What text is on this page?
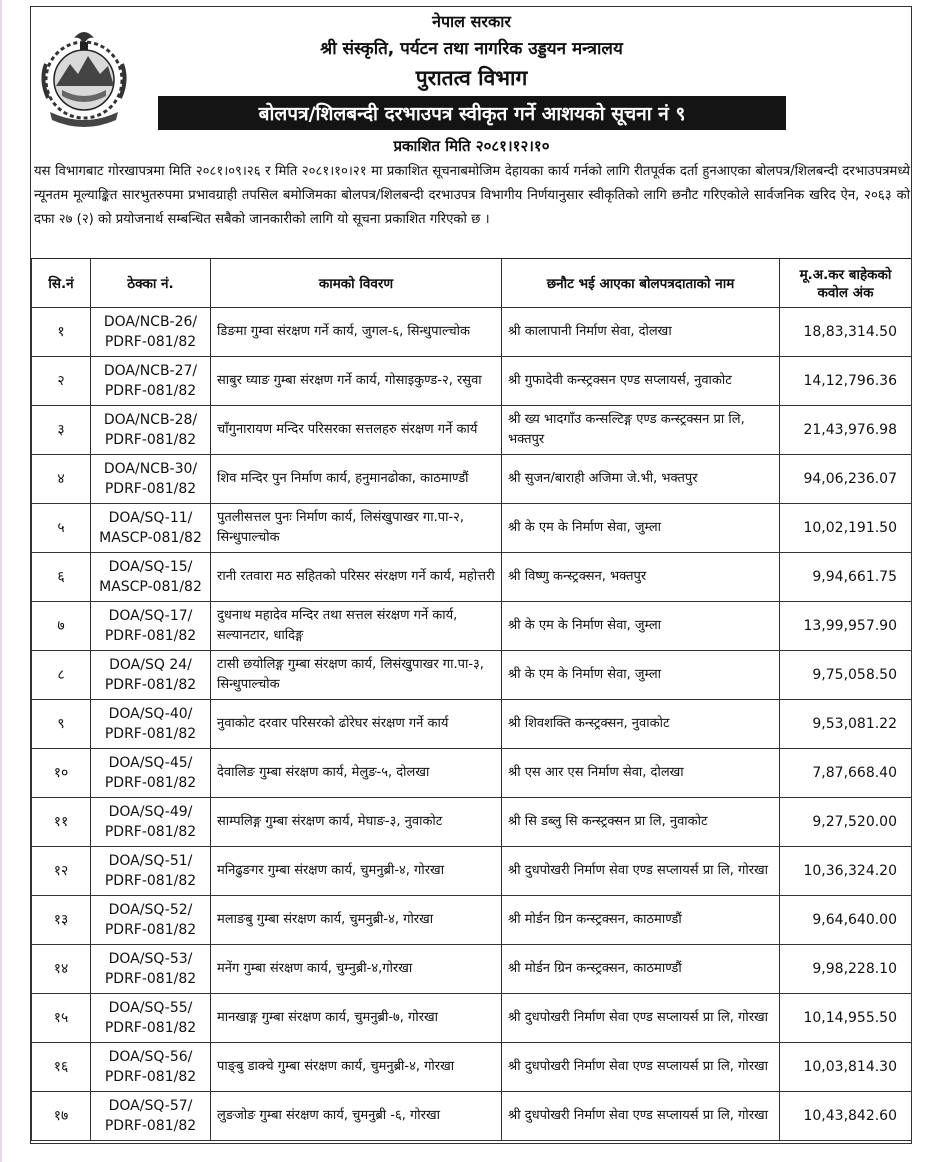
नेपाल सरकार
श्री संस्कृति, पर्यटन तथा नागरिक उड्डयन मन्त्रालय
पुरातत्व विभाग
बोलपत्र/शिलबन्दी दरभाउपत्र स्वीकृत गर्ने आशयको सूचना नं ९
प्रकाशित मिति २०८१।१२।१०
यस विभागबाट गोरखापत्रमा मिति २०८१।०९।२६ र मिति २०८१।१०।२१ मा प्रकाशित सूचनाबमोजिम देहायका कार्य गर्नको लागि रीतपूर्वक दर्ता हुनआएका बोलपत्र/शिलबन्दी दरभाउपत्रमध्ये न्यूनतम मूल्याङ्कित सारभुतरुपमा प्रभावग्राही तपसिल बमोजिमका बोलपत्र/शिलबन्दी दरभाउपत्र विभागीय निर्णयानुसार स्वीकृतिको लागि छनौट गरिएकोले सार्वजनिक खरिद ऐन, २०६३ को दफा २७ (२) को प्रयोजनार्थ सम्बन्धित सबैको जानकारीको लागि यो सूचना प्रकाशित गरिएको छ ।
सि.नं	ठेक्का नं.	कामको विवरण	छनौट भई आएका बोलपत्रदाताको नाम	मू.अ.कर बाहेकको कवोल अंक
१	DOA/NCB-26/
PDRF-081/82	डिङमा गुम्वा संरक्षण गर्ने कार्य, जुगल-६, सिन्धुपाल्चोक	श्री कालापानी निर्माण सेवा, दोलखा	18,83,314.50
२	DOA/NCB-27/
PDRF-081/82	साबुर घ्याङ गुम्बा संरक्षण गर्ने कार्य, गोसाइकुण्ड-२, रसुवा	श्री गुफादेवी कन्स्ट्रक्सन एण्ड सप्लायर्स, नुवाकोट	14,12,796.36
३	DOA/NCB-28/
PDRF-081/82	चाँगुनारायण मन्दिर परिसरका सत्तलहरु संरक्षण गर्ने कार्य	श्री ख्य भादगाँउ कन्सल्टिङ्ग एण्ड कन्स्ट्रक्सन प्रा लि, भक्तपुर	21,43,976.98
४	DOA/NCB-30/
PDRF-081/82	शिव मन्दिर पुन निर्माण कार्य, हनुमानढोका, काठमाण्डौं	श्री सुजन/बाराही अजिमा जे.भी, भक्तपुर	94,06,236.07
५	DOA/SQ-11/
MASCP-081/82	पुतलीसत्तल पुनः निर्माण कार्य, लिसंखुपाखर गा.पा-२, सिन्धुपाल्चोक	श्री के एम के निर्माण सेवा, जुम्ला	10,02,191.50
६	DOA/SQ-15/
MASCP-081/82	रानी रतवारा मठ सहितको परिसर संरक्षण गर्ने कार्य, महोत्तरी	श्री विष्णु कन्स्ट्रक्सन, भक्तपुर	9,94,661.75
७	DOA/SQ-17/
PDRF-081/82	दुधनाथ महादेव मन्दिर तथा सत्तल संरक्षण गर्ने कार्य, सल्यानटार, धादिङ्ग	श्री के एम के निर्माण सेवा, जुम्ला	13,99,957.90
८	DOA/SQ 24/
PDRF-081/82	टासी छयोलिङ्ग गुम्बा संरक्षण कार्य, लिसंखुपाखर गा.पा-३, सिन्धुपाल्चोक	श्री के एम के निर्माण सेवा, जुम्ला	9,75,058.50
९	DOA/SQ-40/
PDRF-081/82	नुवाकोट दरवार परिसरको ढोरेघर संरक्षण गर्ने कार्य	श्री शिवशक्ति कन्स्ट्रक्सन, नुवाकोट	9,53,081.22
१०	DOA/SQ-45/
PDRF-081/82	देवालिङ गुम्बा संरक्षण कार्य, मेलुङ-५, दोलखा	श्री एस आर एस निर्माण सेवा, दोलखा	7,87,668.40
११	DOA/SQ-49/
PDRF-081/82	साम्पलिङ्ग गुम्बा संरक्षण कार्य, मेघाङ-३, नुवाकोट	श्री सि डब्लु सि कन्स्ट्रक्सन प्रा लि, नुवाकोट	9,27,520.00
१२	DOA/SQ-51/
PDRF-081/82	मनिढुङगर गुम्बा संरक्षण कार्य, चुमनुब्री-४, गोरखा	श्री दुधपोखरी निर्माण सेवा एण्ड सप्लायर्स प्रा लि, गोरखा	10,36,324.20
१३	DOA/SQ-52/
PDRF-081/82	मलाङबु गुम्बा संरक्षण कार्य, चुमनुब्री-४, गोरखा	श्री मोर्डन ग्रिन कन्स्ट्रक्सन, काठमाण्डौं	9,64,640.00
१४	DOA/SQ-53/
PDRF-081/82	मनेंग गुम्बा संरक्षण कार्य, चुम्नुब्री-४,गोरखा	श्री मोर्डन ग्रिन कन्स्ट्रक्सन, काठमाण्डौं	9,98,228.10
१५	DOA/SQ-55/
PDRF-081/82	मानखाङ्ग गुम्बा संरक्षण कार्य, चुमनुब्री-७, गोरखा	श्री दुधपोखरी निर्माण सेवा एण्ड सप्लायर्स प्रा लि, गोरखा	10,14,955.50
१६	DOA/SQ-56/
PDRF-081/82	पाङ्बु डाक्चे गुम्बा संरक्षण कार्य, चुमनुब्री-४, गोरखा	श्री दुधपोखरी निर्माण सेवा एण्ड सप्लायर्स प्रा लि, गोरखा	10,03,814.30
१७	DOA/SQ-57/
PDRF-081/82	लुङजोङ गुम्बा संरक्षण कार्य, चुमनुब्री -६, गोरखा	श्री दुधपोखरी निर्माण सेवा एण्ड सप्लायर्स प्रा लि, गोरखा	10,43,842.60
